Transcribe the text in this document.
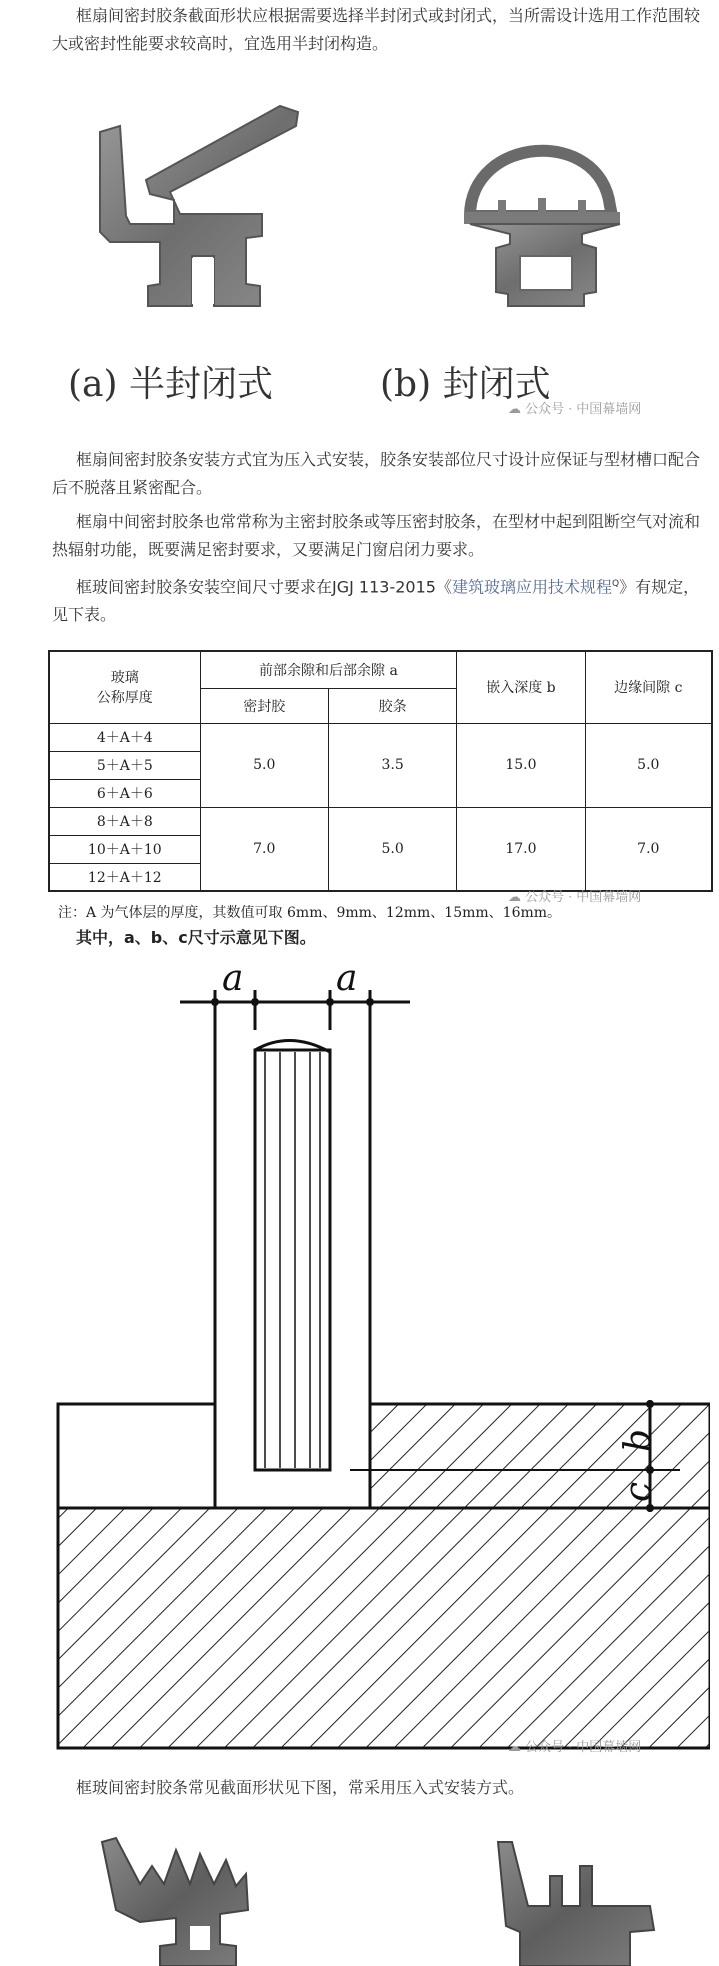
框扇间密封胶条截面形状应根据需要选择半封闭式或封闭式，当所需设计选用工作范围较大或密封性能要求较高时，宜选用半封闭构造。

(a) 半封闭式	(b) 封闭式
☁ 公众号 · 中国幕墙网

框扇间密封胶条安装方式宜为压入式安装，胶条安装部位尺寸设计应保证与型材槽口配合后不脱落且紧密配合。

框扇中间密封胶条也常常称为主密封胶条或等压密封胶条，在型材中起到阻断空气对流和热辐射功能，既要满足密封要求，又要满足门窗启闭力要求。

框玻间密封胶条安装空间尺寸要求在JGJ 113-2015《建筑玻璃应用技术规程$^Q$》有规定，见下表。

玻璃
公称厚度	前部余隙和后部余隙 a		嵌入深度 b	边缘间隙 c
	密封胶	胶条		
4＋A＋4	5.0	3.5	15.0	5.0
5＋A＋5				
6＋A＋6				
8＋A＋8	7.0	5.0	17.0	7.0
10＋A＋10				
12＋A＋12				
注：A 为气体层的厚度，其数值可取 6mm、9mm、12mm、15mm、16mm。
☁ 公众号 · 中国幕墙网

其中，a、b、c尺寸示意见下图。

a	a
b
c
☁ 公众号 · 中国幕墙网

框玻间密封胶条常见截面形状见下图，常采用压入式安装方式。
